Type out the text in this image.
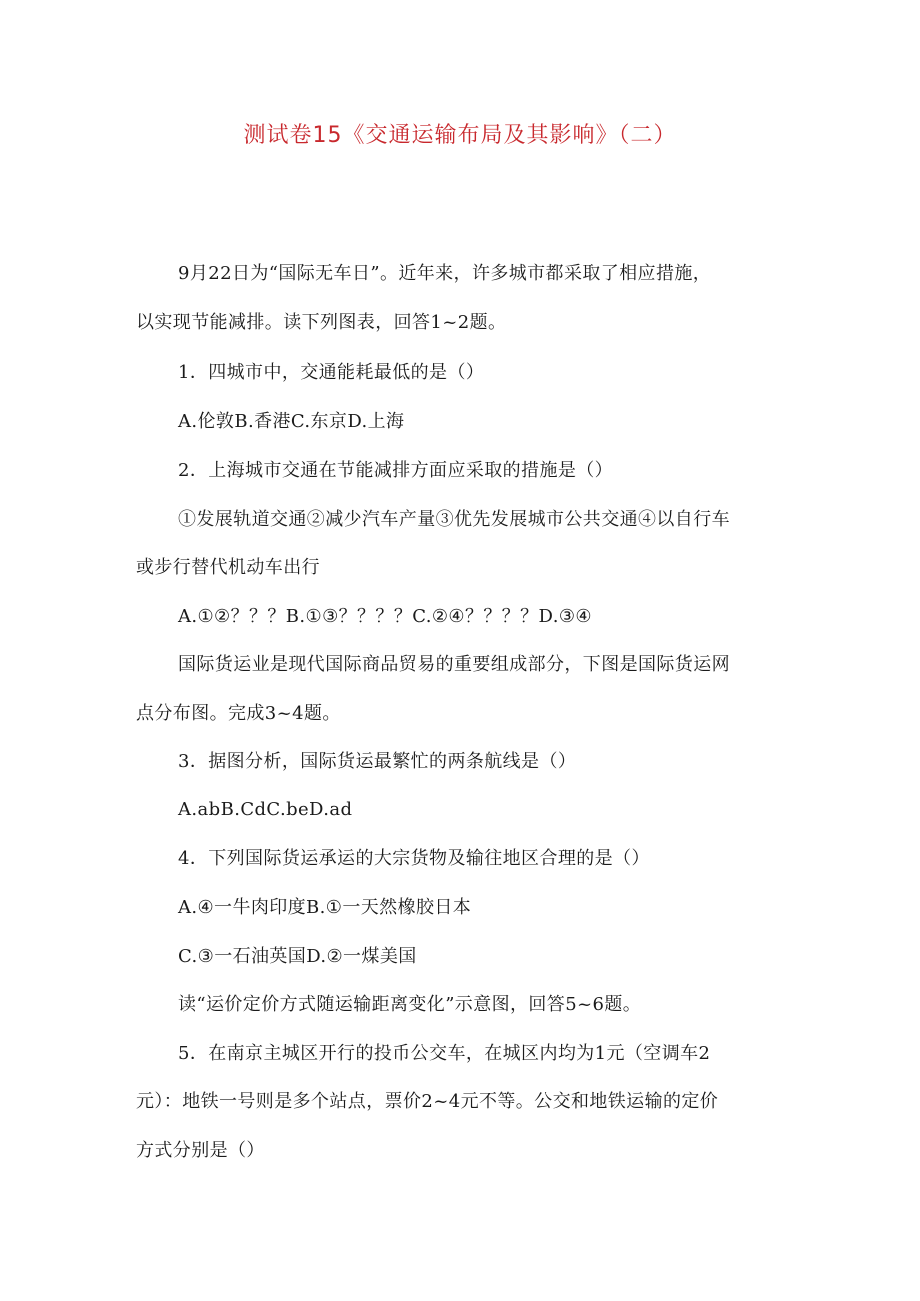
测试卷15《交通运输布局及其影响》（二）
9月22日为“国际无车日”。近年来，许多城市都采取了相应措施，
以实现节能减排。读下列图表，回答1~2题。
1．四城市中，交通能耗最低的是（）
A.伦敦B.香港C.东京D.上海
2．上海城市交通在节能减排方面应采取的措施是（）
①发展轨道交通②减少汽车产量③优先发展城市公共交通④以自行车
或步行替代机动车出行
A.①②？？？B.①③？？？？C.②④？？？？D.③④
国际货运业是现代国际商品贸易的重要组成部分，下图是国际货运网
点分布图。完成3~4题。
3．据图分析，国际货运最繁忙的两条航线是（）
A.abB.CdC.beD.ad
4．下列国际货运承运的大宗货物及输往地区合理的是（）
A.④一牛肉印度B.①一天然橡胶日本
C.③一石油英国D.②一煤美国
读“运价定价方式随运输距离变化”示意图，回答5~6题。
5．在南京主城区开行的投币公交车，在城区内均为1元（空调车2
元）：地铁一号则是多个站点，票价2~4元不等。公交和地铁运输的定价
方式分别是（）
